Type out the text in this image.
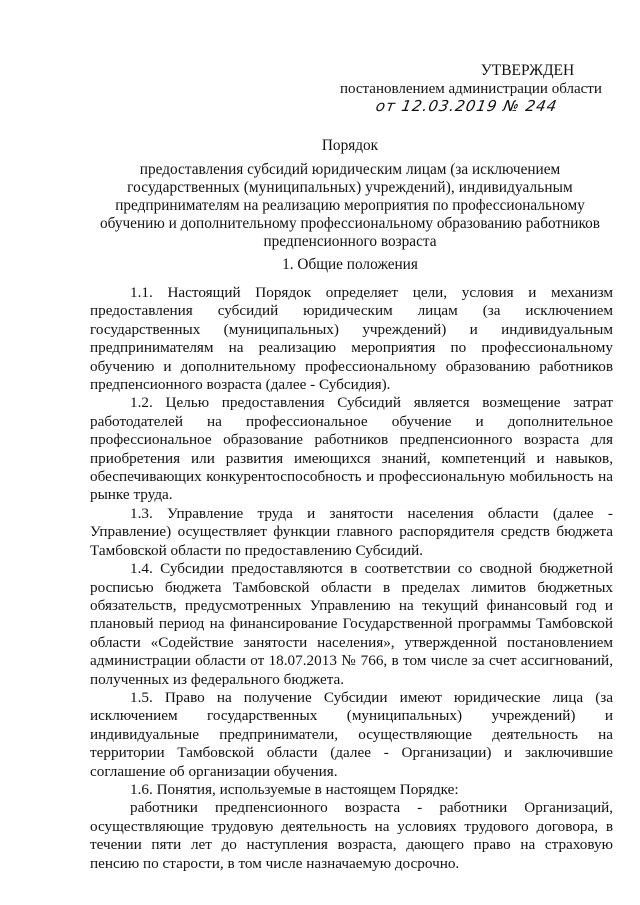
УТВЕРЖДЕН
постановлением администрации области
от 12.03.2019 № 244
Порядок
предоставления субсидий юридическим лицам (за исключением
государственных (муниципальных) учреждений), индивидуальным
предпринимателям на реализацию мероприятия по профессиональному
обучению и дополнительному профессиональному образованию работников
предпенсионного возраста
1. Общие положения

1.1. Настоящий Порядок определяет цели, условия и механизм предоставления субсидий юридическим лицам (за исключением государственных (муниципальных) учреждений) и индивидуальным предпринимателям на реализацию мероприятия по профессиональному обучению и дополнительному профессиональному образованию работников предпенсионного возраста (далее - Субсидия).

1.2. Целью предоставления Субсидий является возмещение затрат работодателей на профессиональное обучение и дополнительное профессиональное образование работников предпенсионного возраста для приобретения или развития имеющихся знаний, компетенций и навыков, обеспечивающих конкурентоспособность и профессиональную мобильность на рынке труда.

1.3. Управление труда и занятости населения области (далее - Управление) осуществляет функции главного распорядителя средств бюджета Тамбовской области по предоставлению Субсидий.

1.4. Субсидии предоставляются в соответствии со сводной бюджетной росписью бюджета Тамбовской области в пределах лимитов бюджетных обязательств, предусмотренных Управлению на текущий финансовый год и плановый период на финансирование Государственной программы Тамбовской области «Содействие занятости населения», утвержденной постановлением администрации области от 18.07.2013 № 766, в том числе за счет ассигнований, полученных из федерального бюджета.

1.5. Право на получение Субсидии имеют юридические лица (за исключением государственных (муниципальных) учреждений) и индивидуальные предприниматели, осуществляющие деятельность на территории Тамбовской области (далее - Организации) и заключившие соглашение об организации обучения.

1.6. Понятия, используемые в настоящем Порядке:

работники предпенсионного возраста - работники Организаций, осуществляющие трудовую деятельность на условиях трудового договора, в течении пяти лет до наступления возраста, дающего право на страховую пенсию по старости, в том числе назначаемую досрочно.
